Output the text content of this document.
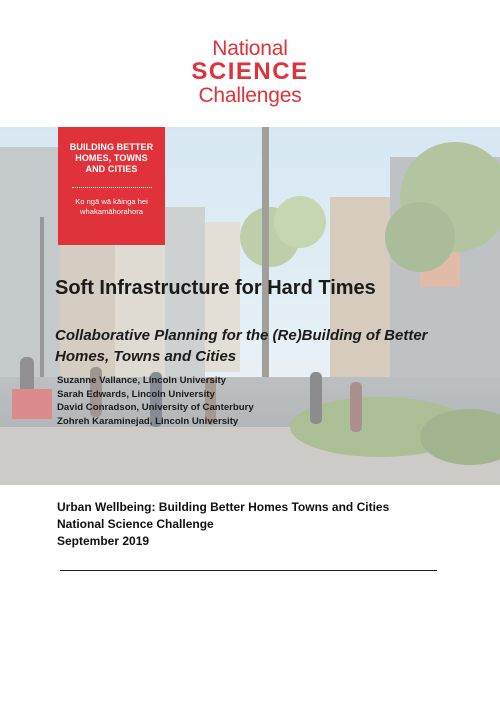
National
SCIENCE
Challenges
BUILDING BETTER
HOMES, TOWNS
AND CITIES
Ko ngā wā kāinga hei
whakamāhorahora
Soft Infrastructure for Hard Times

Collaborative Planning for the (Re)Building of Better
Homes, Towns and Cities

Suzanne Vallance, Lincoln University
Sarah Edwards, Lincoln University
David Conradson, University of Canterbury
Zohreh Karaminejad, Lincoln University
Urban Wellbeing: Building Better Homes Towns and Cities
National Science Challenge
September 2019
